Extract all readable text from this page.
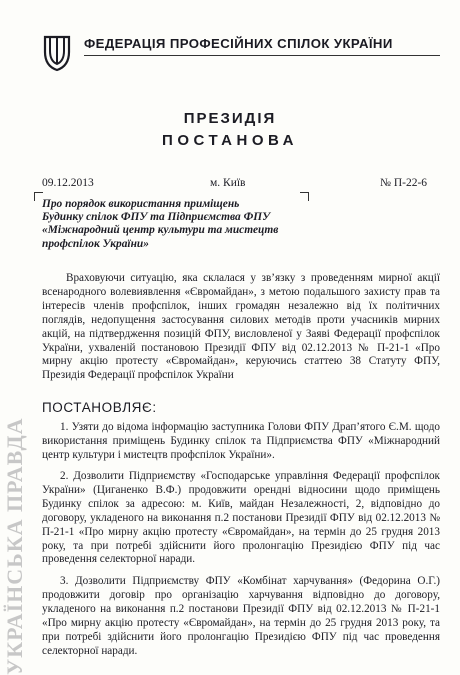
ФЕДЕРАЦІЯ ПРОФЕСІЙНИХ СПІЛОК УКРАЇНИ
ПРЕЗИДІЯ
ПОСТАНОВА
09.12.2013	м. Київ	№ П-22-6
Про порядок використання приміщень
Будинку спілок ФПУ та Підприємства ФПУ
«Міжнародний центр культури та мистецтв
профспілок України»
Враховуючи ситуацію, яка склалася у зв’язку з проведенням мирної акції всенародного волевиявлення «Євромайдан», з метою подальшого захисту прав та інтересів членів профспілок, інших громадян незалежно від їх політичних поглядів, недопущення застосування силових методів проти учасників мирних акцій, на підтвердження позицій ФПУ, висловленої у Заяві Федерації профспілок України, ухваленій постановою Президії ФПУ від 02.12.2013 № П-21-1 «Про мирну акцію протесту «Євромайдан», керуючись статтею 38 Статуту ФПУ, Президія Федерації профспілок України
ПОСТАНОВЛЯЄ:
1. Узяти до відома інформацію заступника Голови ФПУ Драп’ятого Є.М. щодо використання приміщень Будинку спілок та Підприємства ФПУ «Міжнародний центр культури і мистецтв профспілок України».
2. Дозволити Підприємству «Господарське управління Федерації профспілок України» (Циганенко В.Ф.) продовжити орендні відносини щодо приміщень Будинку спілок за адресою: м. Київ, майдан Незалежності, 2, відповідно до договору, укладеного на виконання п.2 постанови Президії ФПУ від 02.12.2013 № П-21-1 «Про мирну акцію протесту «Євромайдан», на термін до 25 грудня 2013 року, та при потребі здійснити його пролонгацію Президією ФПУ під час проведення селекторної наради.
3. Дозволити Підприємству ФПУ «Комбінат харчування» (Федорина О.Г.) продовжити договір про організацію харчування відповідно до договору, укладеного на виконання п.2 постанови Президії ФПУ від 02.12.2013 № П-21-1 «Про мирну акцію протесту «Євромайдан», на термін до 25 грудня 2013 року, та при потребі здійснити його пролонгацію Президією ФПУ під час проведення селекторної наради.
УКРАЇНСЬКА ПРАВДА
